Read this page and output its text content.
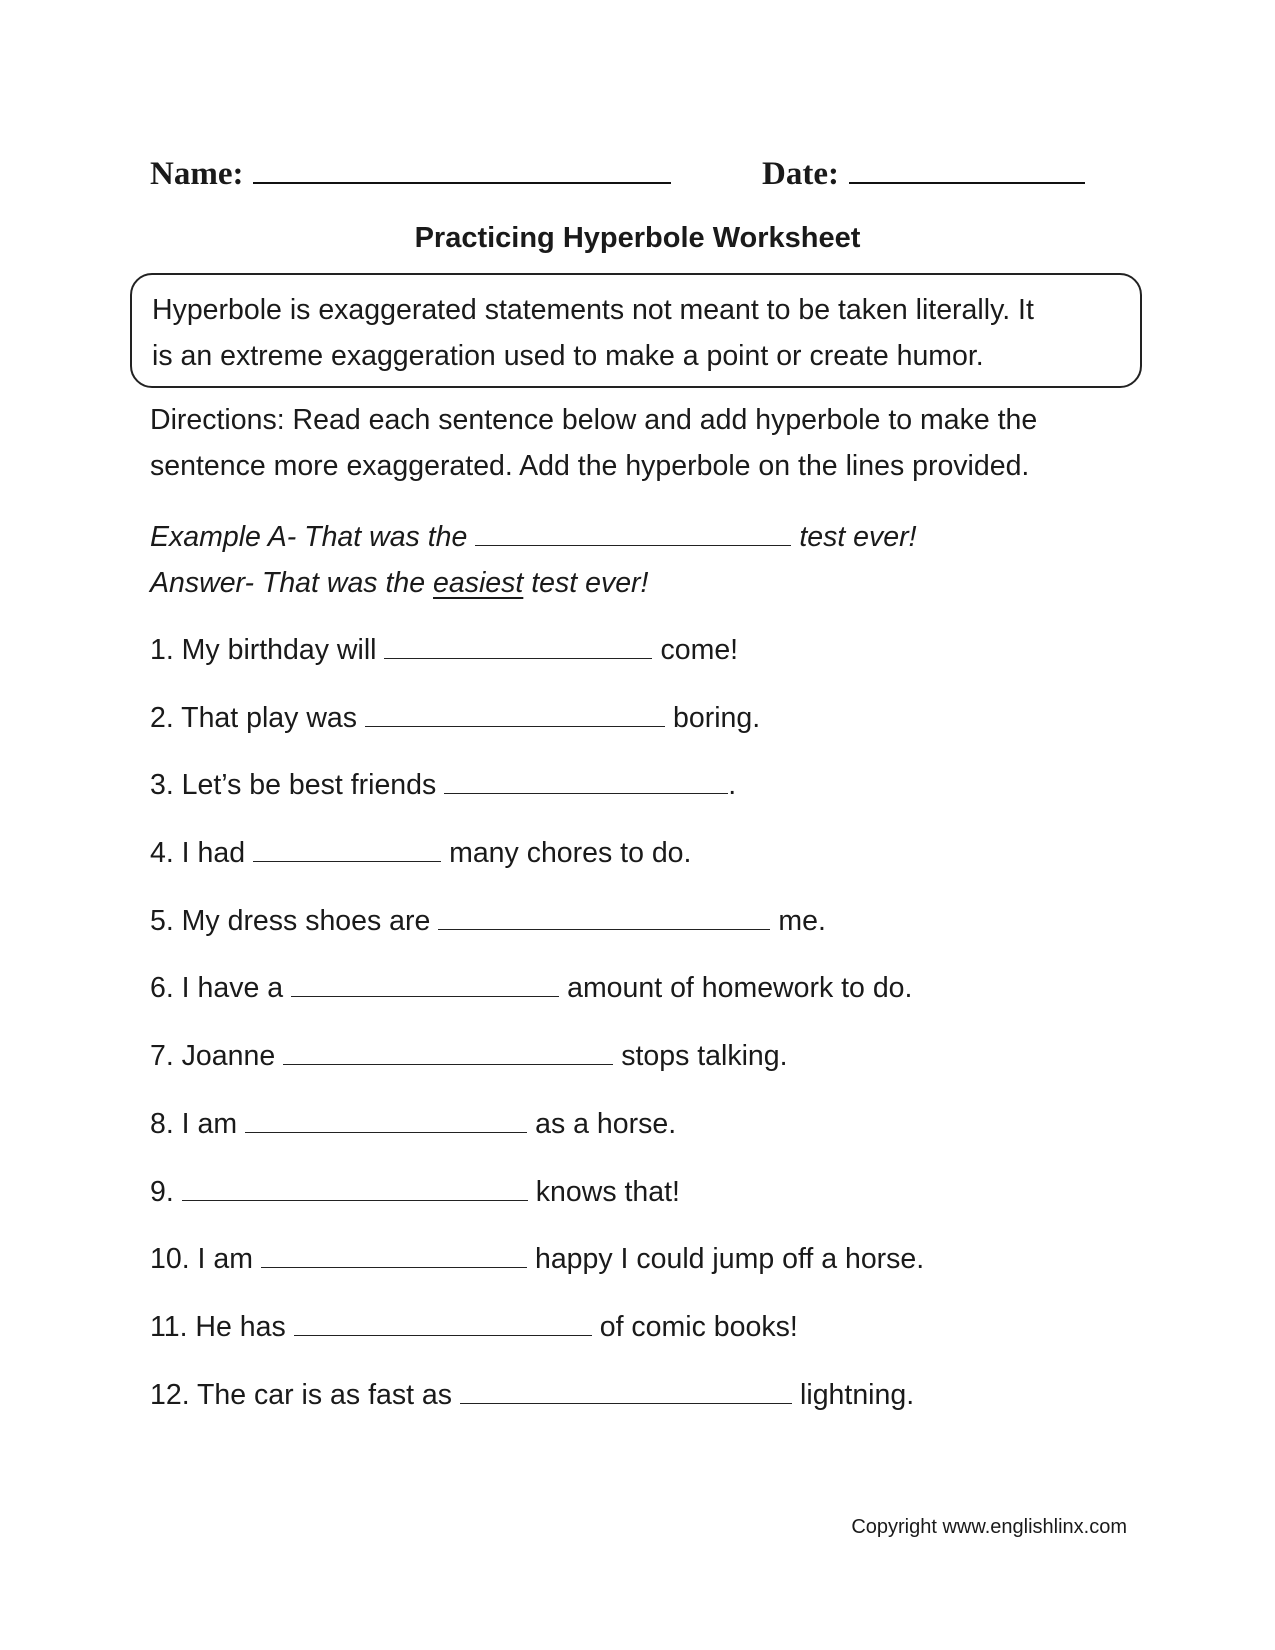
Name:	Date:
Practicing Hyperbole Worksheet
Hyperbole is exaggerated statements not meant to be taken literally. It
is an extreme exaggeration used to make a point or create humor.
Directions: Read each sentence below and add hyperbole to make the
sentence more exaggerated. Add the hyperbole on the lines provided.
Example A- That was the	test ever!
Answer- That was the easiest test ever!
1. My birthday will	come!
2. That play was	boring.
3. Let’s be best friends	.
4. I had	many chores to do.
5. My dress shoes are	me.
6. I have a	amount of homework to do.
7. Joanne	stops talking.
8. I am	as a horse.
9.	knows that!
10. I am	happy I could jump off a horse.
11. He has	of comic books!
12. The car is as fast as	lightning.
Copyright www.englishlinx.com
